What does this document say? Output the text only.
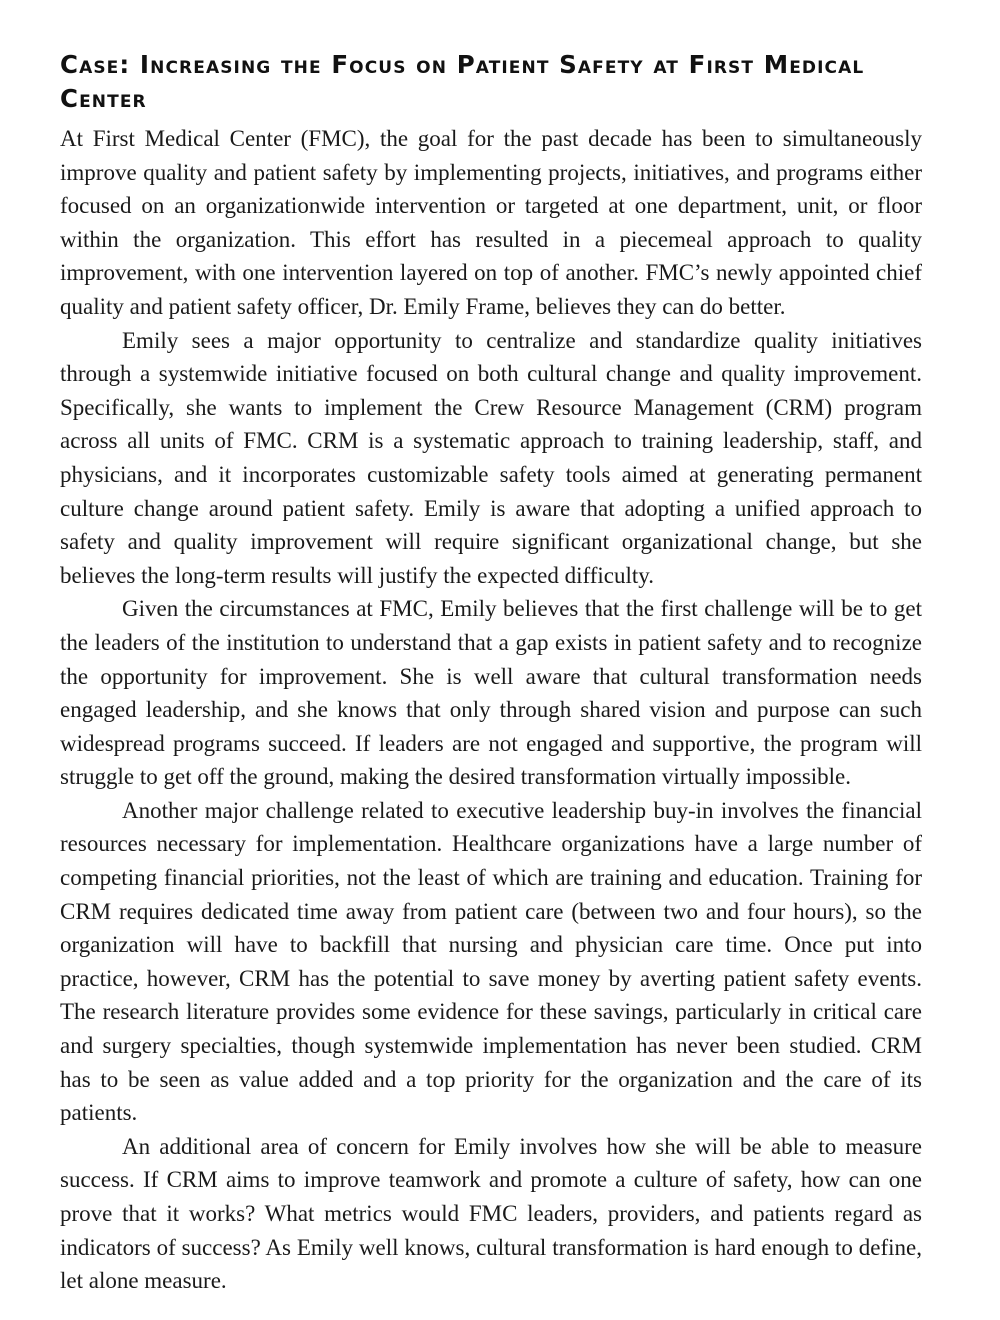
Case: Increasing the Focus on Patient Safety at First Medical Center

At First Medical Center (FMC), the goal for the past decade has been to simultaneously improve quality and patient safety by implementing projects, initiatives, and programs either focused on an organizationwide intervention or targeted at one department, unit, or floor within the organization. This effort has resulted in a piecemeal approach to quality improvement, with one intervention layered on top of another. FMC’s newly appointed chief quality and patient safety officer, Dr. Emily Frame, believes they can do better.

Emily sees a major opportunity to centralize and standardize quality initiatives through a systemwide initiative focused on both cultural change and quality improvement. Specifically, she wants to implement the Crew Resource Management (CRM) program across all units of FMC. CRM is a systematic approach to training leadership, staff, and physicians, and it incorporates customizable safety tools aimed at generating permanent culture change around patient safety. Emily is aware that adopting a unified approach to safety and quality improvement will require significant organizational change, but she believes the long-term results will justify the expected difficulty.

Given the circumstances at FMC, Emily believes that the first challenge will be to get the leaders of the institution to understand that a gap exists in patient safety and to recognize the opportunity for improvement. She is well aware that cultural transformation needs engaged leadership, and she knows that only through shared vision and purpose can such widespread programs succeed. If leaders are not engaged and supportive, the program will struggle to get off the ground, making the desired transformation virtually impossible.

Another major challenge related to executive leadership buy-in involves the financial resources necessary for implementation. Healthcare organizations have a large number of competing financial priorities, not the least of which are training and education. Training for CRM requires dedicated time away from patient care (between two and four hours), so the organization will have to backfill that nursing and physician care time. Once put into practice, however, CRM has the potential to save money by averting patient safety events. The research literature provides some evidence for these savings, particularly in critical care and surgery specialties, though systemwide implementation has never been studied. CRM has to be seen as value added and a top priority for the organization and the care of its patients.

An additional area of concern for Emily involves how she will be able to measure success. If CRM aims to improve teamwork and promote a culture of safety, how can one prove that it works? What metrics would FMC leaders, providers, and patients regard as indicators of success? As Emily well knows, cultural transformation is hard enough to define, let alone measure.
